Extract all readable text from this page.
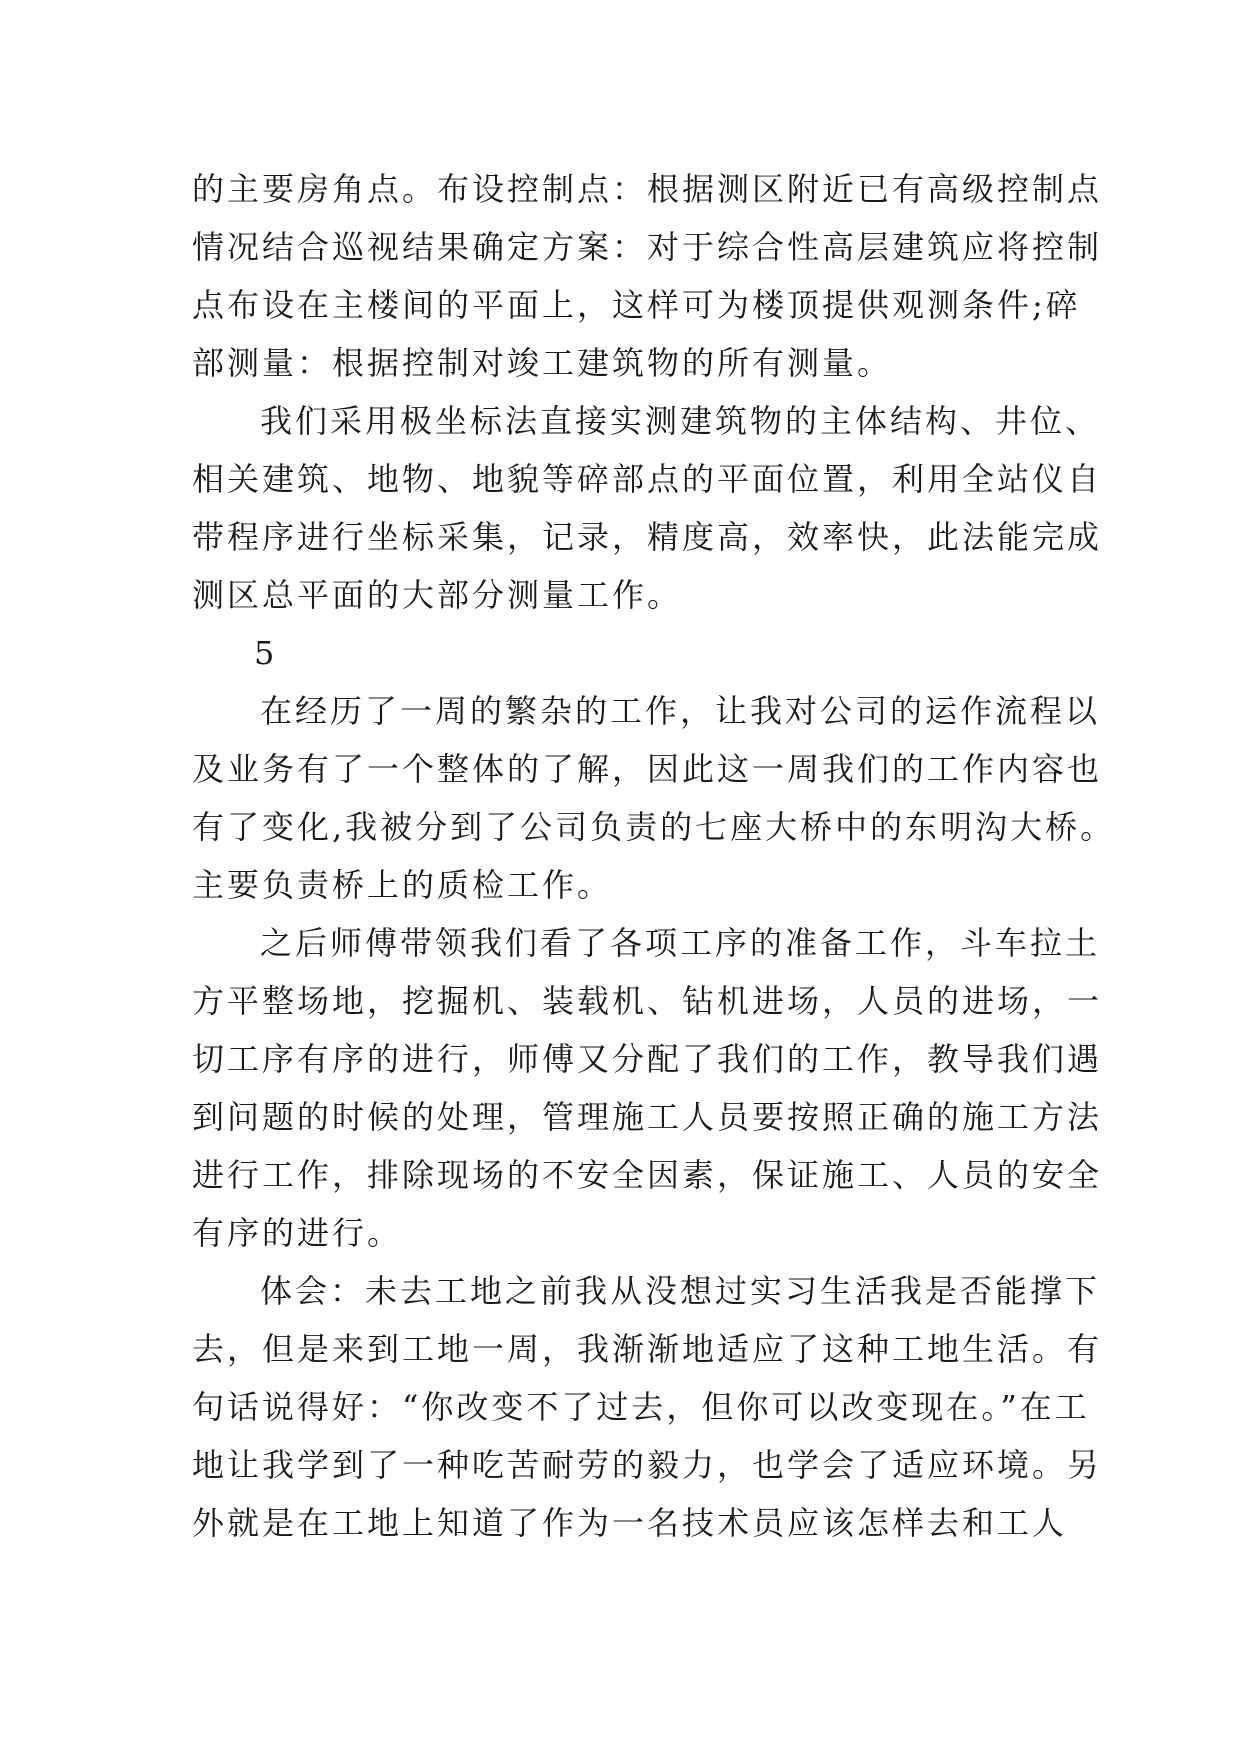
的主要房角点。布设控制点：根据测区附近已有高级控制点
情况结合巡视结果确定方案：对于综合性高层建筑应将控制
点布设在主楼间的平面上，这样可为楼顶提供观测条件;碎
部测量：根据控制对竣工建筑物的所有测量。
我们采用极坐标法直接实测建筑物的主体结构、井位、
相关建筑、地物、地貌等碎部点的平面位置，利用全站仪自
带程序进行坐标采集，记录，精度高，效率快，此法能完成
测区总平面的大部分测量工作。
5
在经历了一周的繁杂的工作，让我对公司的运作流程以
及业务有了一个整体的了解，因此这一周我们的工作内容也
有了变化,我被分到了公司负责的七座大桥中的东明沟大桥。
主要负责桥上的质检工作。
之后师傅带领我们看了各项工序的准备工作，斗车拉土
方平整场地，挖掘机、装载机、钻机进场，人员的进场，一
切工序有序的进行，师傅又分配了我们的工作，教导我们遇
到问题的时候的处理，管理施工人员要按照正确的施工方法
进行工作，排除现场的不安全因素，保证施工、人员的安全
有序的进行。
体会：未去工地之前我从没想过实习生活我是否能撑下
去，但是来到工地一周，我渐渐地适应了这种工地生活。有
句话说得好：“你改变不了过去，但你可以改变现在。”在工
地让我学到了一种吃苦耐劳的毅力，也学会了适应环境。另
外就是在工地上知道了作为一名技术员应该怎样去和工人
